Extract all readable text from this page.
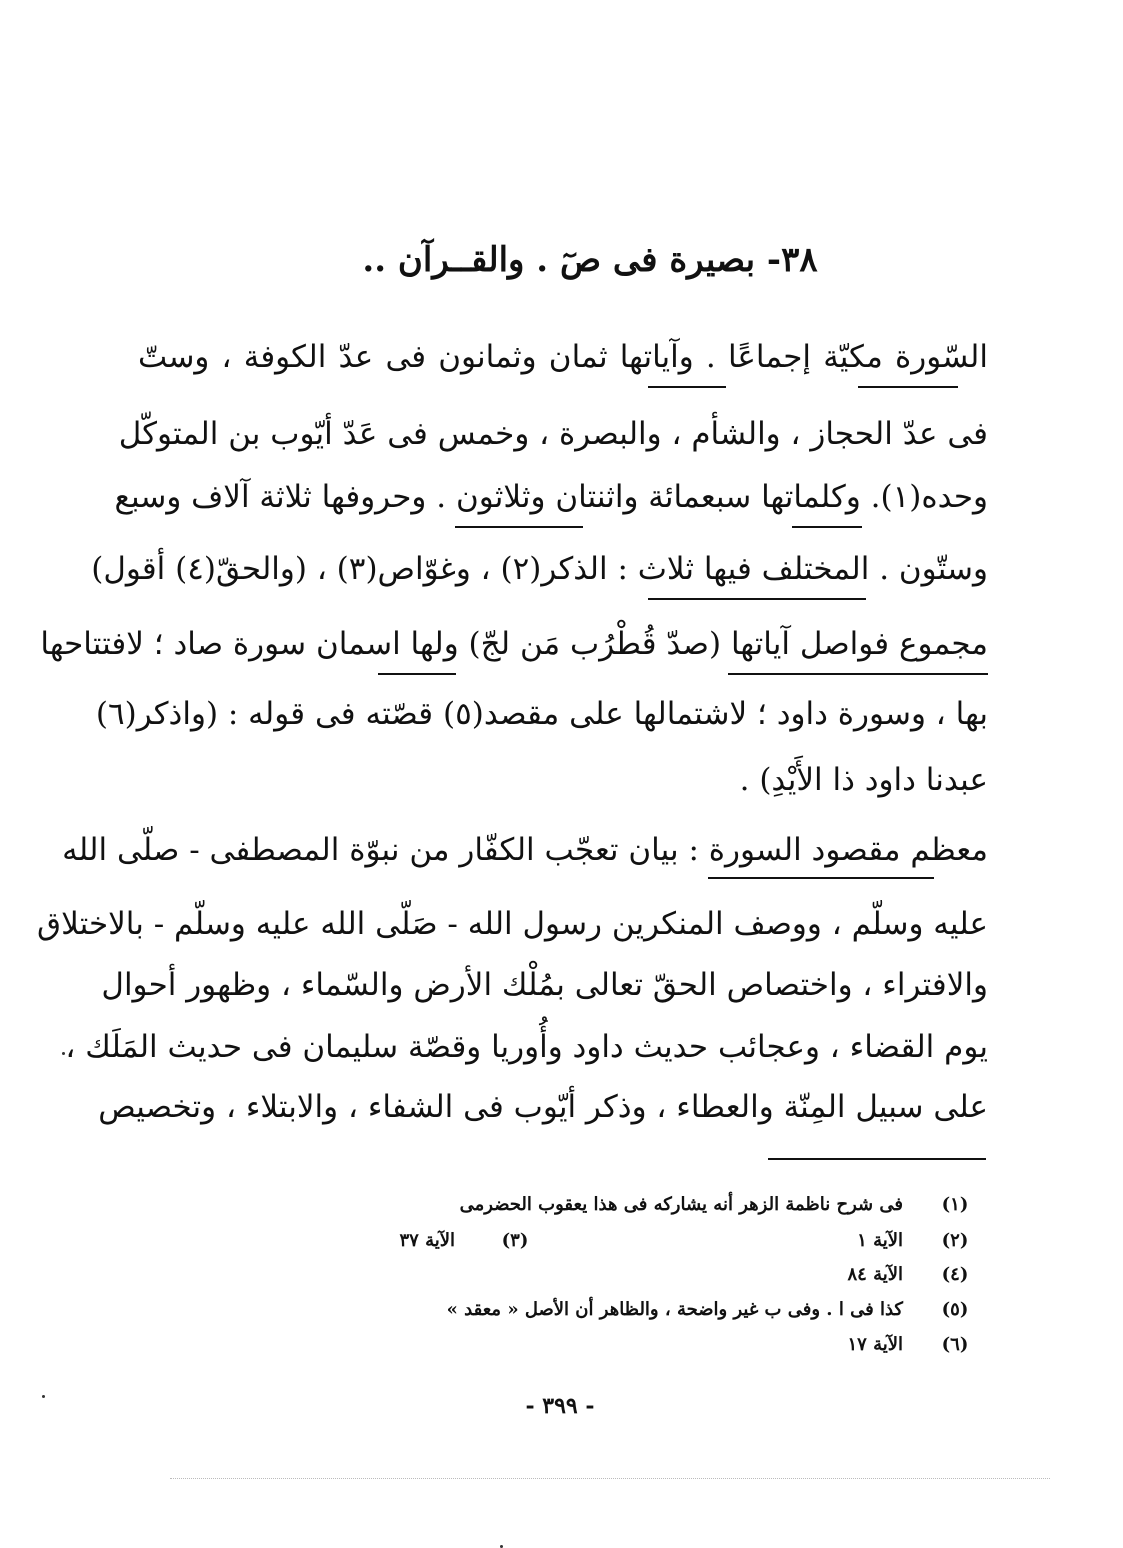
٣٨- بصيرة فى صٓ . والقــرآن ..
السّورة مكيّة إجماعًا . وآياتها ثمان وثمانون فى عدّ الكوفة ، وستّ
فى عدّ الحجاز ، والشأم ، والبصرة ، وخمس فى عَدّ أيّوب بن المتوكّل
وحده(١). وكلماتها سبعمائة واثنتان وثلاثون . وحروفها ثلاثة آلاف وسبع
وستّون . المختلف فيها ثلاث : الذكر(٢) ، وغوّاص(٣) ، (والحقّ(٤) أقول)
مجموع فواصل آياتها (صدّ قُطْرُب مَن لجّ) ولها اسمان سورة صاد ؛ لافتتاحها
بها ، وسورة داود ؛ لاشتمالها على مقصد(٥) قصّته فى قوله : (واذكر(٦)
عبدنا داود ذا الأَيْدِ) .
معظم مقصود السورة : بيان تعجّب الكفّار من نبوّة المصطفى - صلّى الله
عليه وسلّم ، ووصف المنكرين رسول الله - صَلّى الله عليه وسلّم - بالاختلاق
والافتراء ، واختصاص الحقّ تعالى بمُلْك الأرض والسّماء ، وظهور أحوال
يوم القضاء ، وعجائب حديث داود وأُوريا وقصّة سليمان فى حديث المَلَك ،
على سبيل المِنّة والعطاء ، وذكر أيّوب فى الشفاء ، والابتلاء ، وتخصيص
(١)
فى شرح ناظمة الزهر أنه يشاركه فى هذا يعقوب الحضرمى
(٢)
الآية ١
(٣)
الآية ٣٧
(٤)
الآية ٨٤
(٥)
كذا فى ا . وفى ب غير واضحة ، والظاهر أن الأصل « معقد »
(٦)
الآية ١٧
- ٣٩٩ -
